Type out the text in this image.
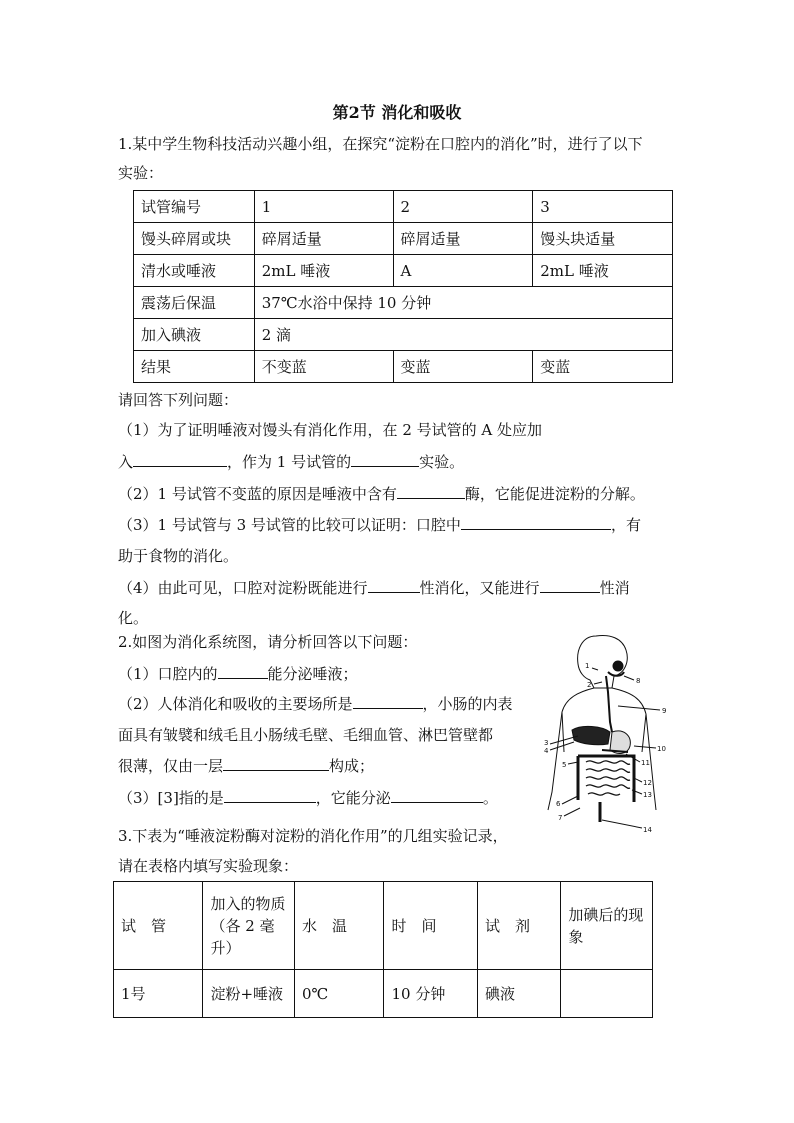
第2节 消化和吸收
1.某中学生物科技活动兴趣小组，在探究“淀粉在口腔内的消化”时，进行了以下
实验：
试管编号	1	2	3
馒头碎屑或块	碎屑适量	碎屑适量	馒头块适量
清水或唾液	2mL 唾液	A	2mL 唾液
震荡后保温	37℃水浴中保持 10 分钟		
加入碘液	2 滴		
结果	不变蓝	变蓝	变蓝
请回答下列问题：
（1）为了证明唾液对馒头有消化作用，在 2 号试管的 A 处应加
入	，作为 1 号试管的	实验。
（2）1 号试管不变蓝的原因是唾液中含有	酶，它能促进淀粉的分解。
（3）1 号试管与 3 号试管的比较可以证明：口腔中	，有
助于食物的消化。
（4）由此可见，口腔对淀粉既能进行	性消化，又能进行	性消
化。
2.如图为消化系统图，请分析回答以下问题：
（1）口腔内的	能分泌唾液；
（2）人体消化和吸收的主要场所是	，小肠的内表
面具有皱襞和绒毛且小肠绒毛壁、毛细血管、淋巴管壁都
很薄，仅由一层	构成；
（3）[3]指的是	，它能分泌	。
1
2
3
4
5
6
7
8
9
10
11
12
13
14
3.下表为“唾液淀粉酶对淀粉的消化作用”的几组实验记录，
请在表格内填写实验现象：
试　管	加入的物质（各 2 毫升）	水　温	时　间	试　剂	加碘后的现象
1号	淀粉+唾液	0℃	10 分钟	碘液	
